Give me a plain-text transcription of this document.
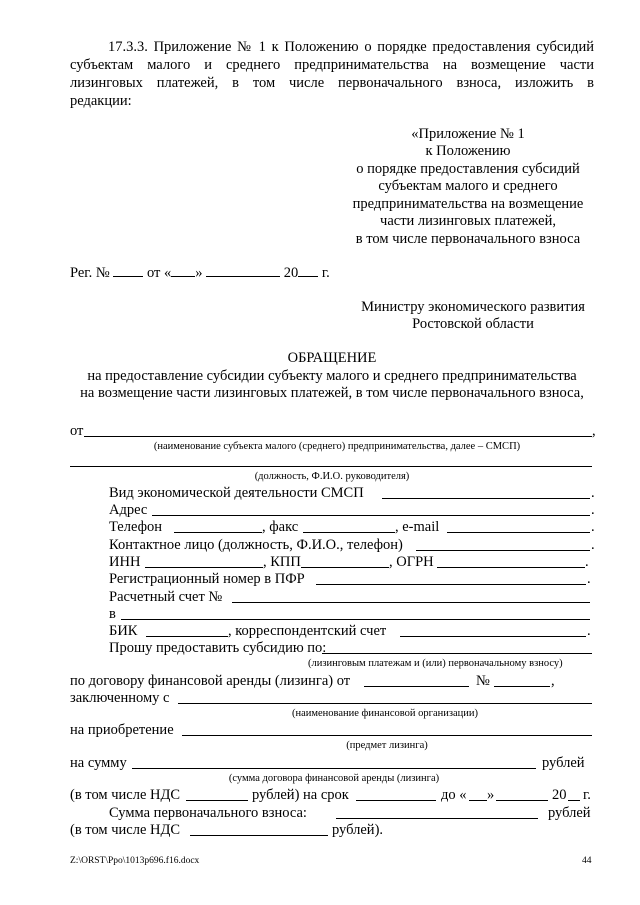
17.3.3. Приложение № 1 к Положению о порядке предоставления субсидий
субъектам малого и среднего предпринимательства на возмещение части
лизинговых платежей, в том числе первоначального взноса, изложить в
редакции:
«Приложение № 1
к Положению
о порядке предоставления субсидий
субъектам малого и среднего
предпринимательства на возмещение
части лизинговых платежей,
в том числе первоначального взноса
Рег. №	от « »	20 г.
Министру экономического развития
Ростовской области
ОБРАЩЕНИЕ
на предоставление субсидии субъекту малого и среднего предпринимательства
на возмещение части лизинговых платежей, в том числе первоначального взноса,
от	,
(наименование субъекта малого (среднего) предпринимательства, далее – СМСП)
(должность, Ф.И.О. руководителя)
Вид экономической деятельности СМСП	.
Адрес	.
Телефон	, факс	, e-mail	.
Контактное лицо (должность, Ф.И.О., телефон)	.
ИНН	, КПП	, ОГРН	.
Регистрационный номер в ПФР	.
Расчетный счет №
в
БИК	, корреспондентский счет	.
Прошу предоставить субсидию по:
(лизинговым платежам и (или) первоначальному взносу)
по договору финансовой аренды (лизинга) от	№	,
заключенному с
(наименование финансовой организации)
на приобретение
(предмет лизинга)
на сумму	рублей
(сумма договора финансовой аренды (лизинга)
(в том числе НДС	рублей) на срок	до « »	20 г.
Сумма первоначального взноса:	рублей
(в том числе НДС	рублей).
Z:\ORST\Ppo\1013p696.f16.docx	44
